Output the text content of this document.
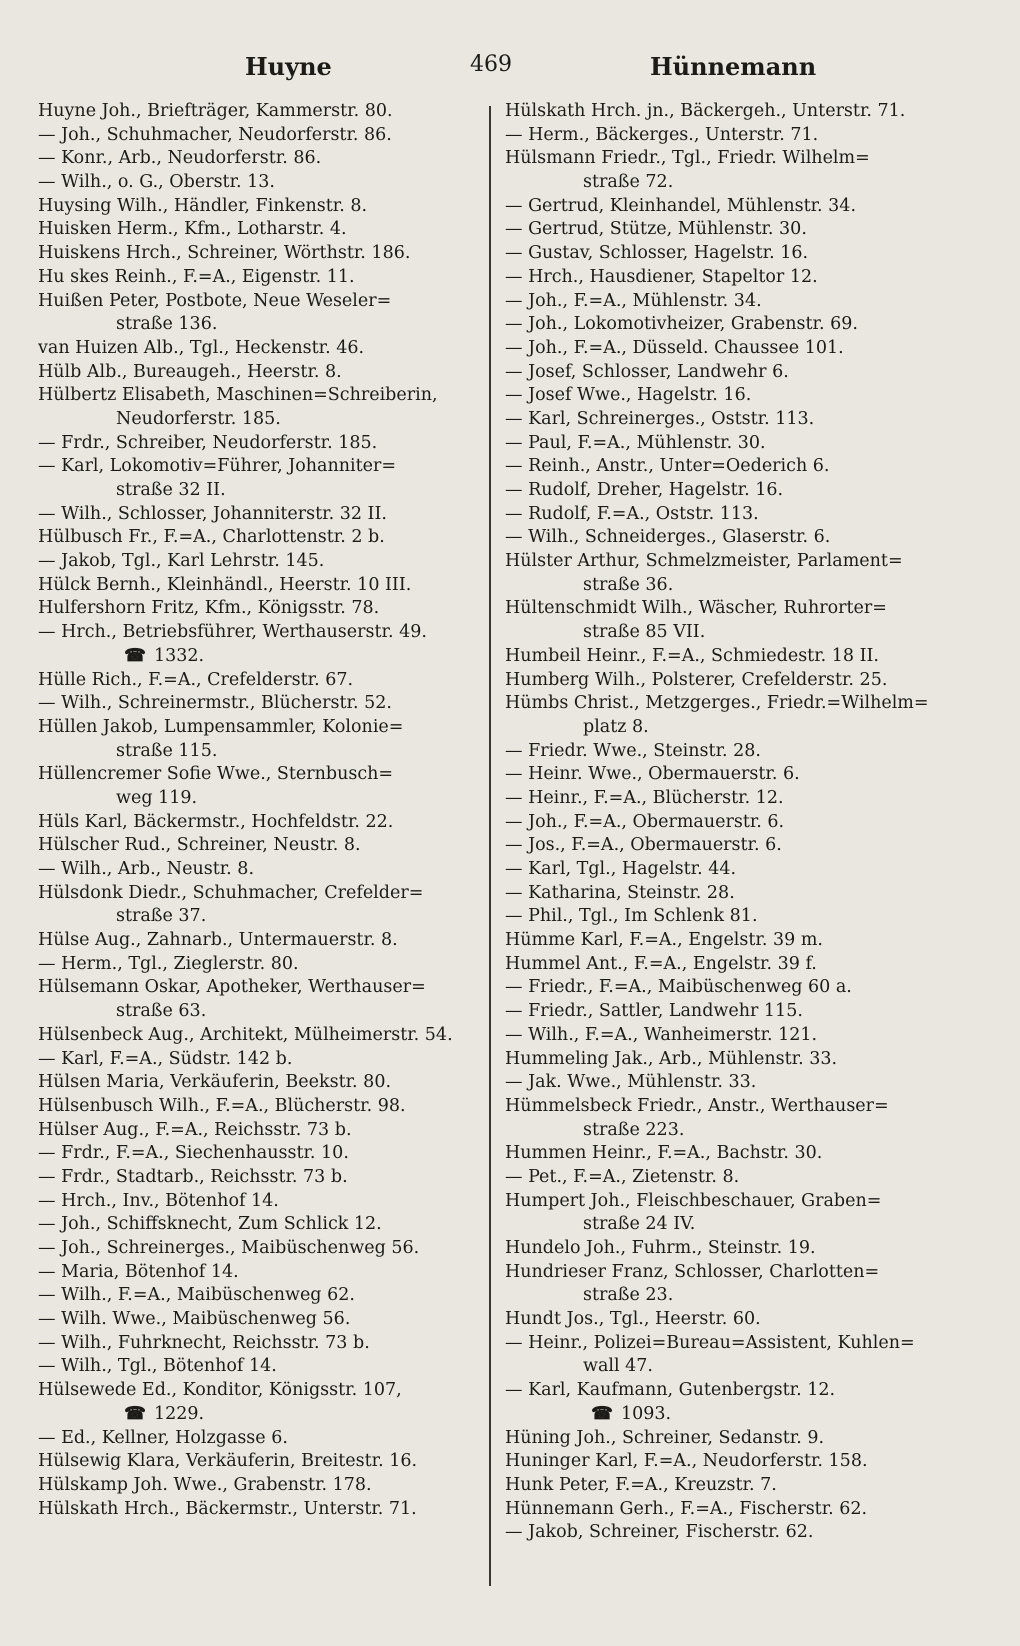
Huyne	469	Hünnemann
Huyne Joh., Briefträger, Kammerstr. 80.
— Joh., Schuhmacher, Neudorferstr. 86.
— Konr., Arb., Neudorferstr. 86.
— Wilh., o. G., Oberstr. 13.
Huysing Wilh., Händler, Finkenstr. 8.
Huisken Herm., Kfm., Lotharstr. 4.
Huiskens Hrch., Schreiner, Wörthstr. 186.
Hu skes Reinh., F.=A., Eigenstr. 11.
Huißen Peter, Postbote, Neue Weseler=
straße 136.
van Huizen Alb., Tgl., Heckenstr. 46.
Hülb Alb., Bureaugeh., Heerstr. 8.
Hülbertz Elisabeth, Maschinen=Schreiberin,
Neudorferstr. 185.
— Frdr., Schreiber, Neudorferstr. 185.
— Karl, Lokomotiv=Führer, Johanniter=
straße 32 II.
— Wilh., Schlosser, Johanniterstr. 32 II.
Hülbusch Fr., F.=A., Charlottenstr. 2 b.
— Jakob, Tgl., Karl Lehrstr. 145.
Hülck Bernh., Kleinhändl., Heerstr. 10 III.
Hulfershorn Fritz, Kfm., Königsstr. 78.
— Hrch., Betriebsführer, Werthauserstr. 49.
☎ 1332.
Hülle Rich., F.=A., Crefelderstr. 67.
— Wilh., Schreinermstr., Blücherstr. 52.
Hüllen Jakob, Lumpensammler, Kolonie=
straße 115.
Hüllencremer Sofie Wwe., Sternbusch=
weg 119.
Hüls Karl, Bäckermstr., Hochfeldstr. 22.
Hülscher Rud., Schreiner, Neustr. 8.
— Wilh., Arb., Neustr. 8.
Hülsdonk Diedr., Schuhmacher, Crefelder=
straße 37.
Hülse Aug., Zahnarb., Untermauerstr. 8.
— Herm., Tgl., Zieglerstr. 80.
Hülsemann Oskar, Apotheker, Werthauser=
straße 63.
Hülsenbeck Aug., Architekt, Mülheimerstr. 54.
— Karl, F.=A., Südstr. 142 b.
Hülsen Maria, Verkäuferin, Beekstr. 80.
Hülsenbusch Wilh., F.=A., Blücherstr. 98.
Hülser Aug., F.=A., Reichsstr. 73 b.
— Frdr., F.=A., Siechenhausstr. 10.
— Frdr., Stadtarb., Reichsstr. 73 b.
— Hrch., Inv., Bötenhof 14.
— Joh., Schiffsknecht, Zum Schlick 12.
— Joh., Schreinerges., Maibüschenweg 56.
— Maria, Bötenhof 14.
— Wilh., F.=A., Maibüschenweg 62.
— Wilh. Wwe., Maibüschenweg 56.
— Wilh., Fuhrknecht, Reichsstr. 73 b.
— Wilh., Tgl., Bötenhof 14.
Hülsewede Ed., Konditor, Königsstr. 107,
☎ 1229.
— Ed., Kellner, Holzgasse 6.
Hülsewig Klara, Verkäuferin, Breitestr. 16.
Hülskamp Joh. Wwe., Grabenstr. 178.
Hülskath Hrch., Bäckermstr., Unterstr. 71.
Hülskath Hrch. jn., Bäckergeh., Unterstr. 71.
— Herm., Bäckerges., Unterstr. 71.
Hülsmann Friedr., Tgl., Friedr. Wilhelm=
straße 72.
— Gertrud, Kleinhandel, Mühlenstr. 34.
— Gertrud, Stütze, Mühlenstr. 30.
— Gustav, Schlosser, Hagelstr. 16.
— Hrch., Hausdiener, Stapeltor 12.
— Joh., F.=A., Mühlenstr. 34.
— Joh., Lokomotivheizer, Grabenstr. 69.
— Joh., F.=A., Düsseld. Chaussee 101.
— Josef, Schlosser, Landwehr 6.
— Josef Wwe., Hagelstr. 16.
— Karl, Schreinerges., Oststr. 113.
— Paul, F.=A., Mühlenstr. 30.
— Reinh., Anstr., Unter=Oederich 6.
— Rudolf, Dreher, Hagelstr. 16.
— Rudolf, F.=A., Oststr. 113.
— Wilh., Schneiderges., Glaserstr. 6.
Hülster Arthur, Schmelzmeister, Parlament=
straße 36.
Hültenschmidt Wilh., Wäscher, Ruhrorter=
straße 85 VII.
Humbeil Heinr., F.=A., Schmiedestr. 18 II.
Humberg Wilh., Polsterer, Crefelderstr. 25.
Hümbs Christ., Metzgerges., Friedr.=Wilhelm=
platz 8.
— Friedr. Wwe., Steinstr. 28.
— Heinr. Wwe., Obermauerstr. 6.
— Heinr., F.=A., Blücherstr. 12.
— Joh., F.=A., Obermauerstr. 6.
— Jos., F.=A., Obermauerstr. 6.
— Karl, Tgl., Hagelstr. 44.
— Katharina, Steinstr. 28.
— Phil., Tgl., Im Schlenk 81.
Hümme Karl, F.=A., Engelstr. 39 m.
Hummel Ant., F.=A., Engelstr. 39 f.
— Friedr., F.=A., Maibüschenweg 60 a.
— Friedr., Sattler, Landwehr 115.
— Wilh., F.=A., Wanheimerstr. 121.
Hummeling Jak., Arb., Mühlenstr. 33.
— Jak. Wwe., Mühlenstr. 33.
Hümmelsbeck Friedr., Anstr., Werthauser=
straße 223.
Hummen Heinr., F.=A., Bachstr. 30.
— Pet., F.=A., Zietenstr. 8.
Humpert Joh., Fleischbeschauer, Graben=
straße 24 IV.
Hundelo Joh., Fuhrm., Steinstr. 19.
Hundrieser Franz, Schlosser, Charlotten=
straße 23.
Hundt Jos., Tgl., Heerstr. 60.
— Heinr., Polizei=Bureau=Assistent, Kuhlen=
wall 47.
— Karl, Kaufmann, Gutenbergstr. 12.
☎ 1093.
Hüning Joh., Schreiner, Sedanstr. 9.
Huninger Karl, F.=A., Neudorferstr. 158.
Hunk Peter, F.=A., Kreuzstr. 7.
Hünnemann Gerh., F.=A., Fischerstr. 62.
— Jakob, Schreiner, Fischerstr. 62.
